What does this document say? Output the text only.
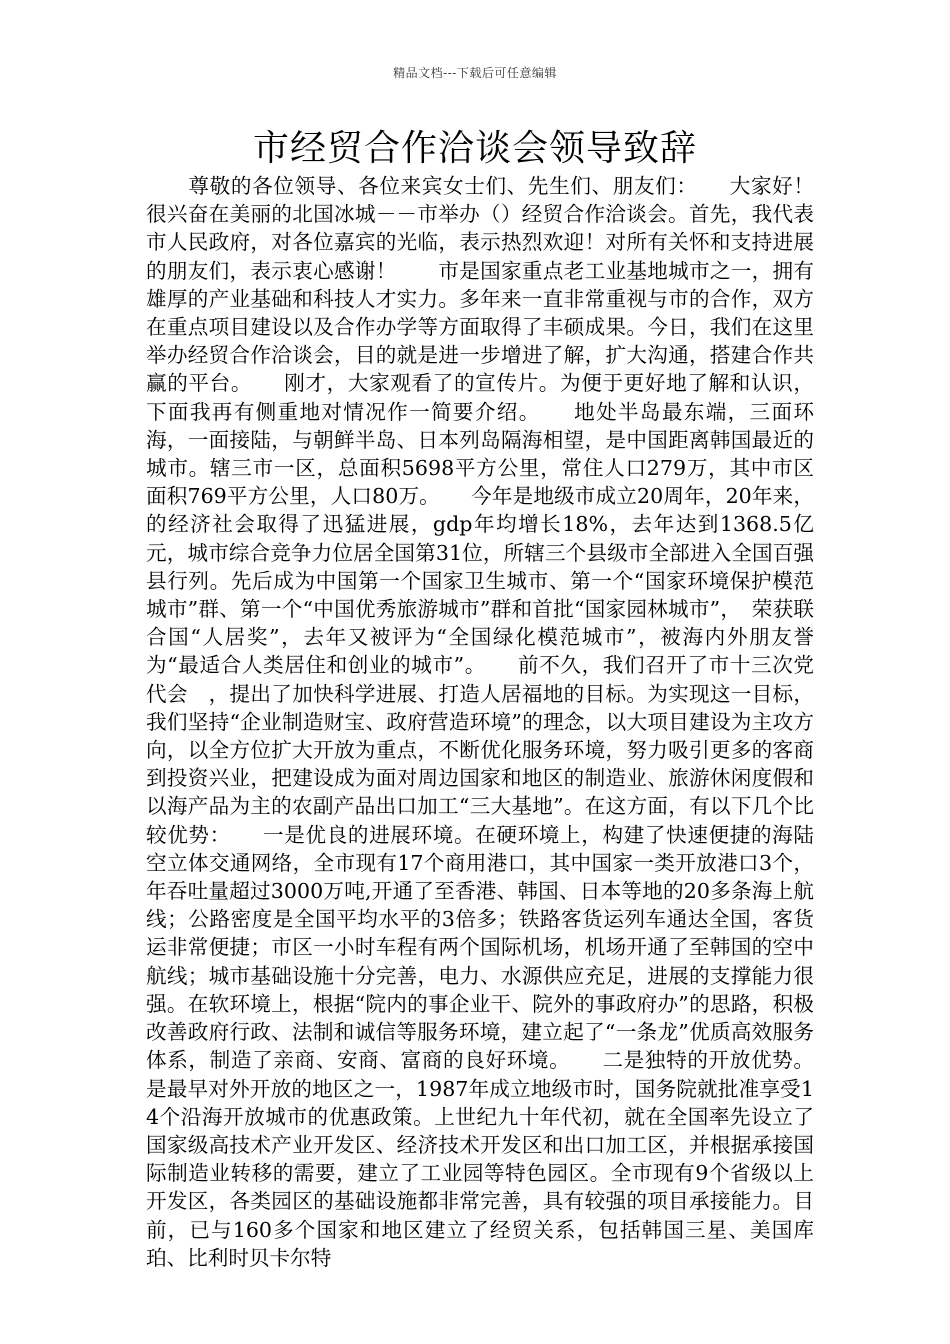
精品文档---下载后可任意编辑
市经贸合作洽谈会领导致辞

　　尊敬的各位领导、各位来宾女士们、先生们、朋友们：　　大家好！很兴奋在美丽的北国冰城－－市举办（）经贸合作洽谈会。首先，我代表市人民政府，对各位嘉宾的光临，表示热烈欢迎！对所有关怀和支持进展的朋友们，表示衷心感谢！　　市是国家重点老工业基地城市之一，拥有雄厚的产业基础和科技人才实力。多年来一直非常重视与市的合作，双方在重点项目建设以及合作办学等方面取得了丰硕成果。今日，我们在这里举办经贸合作洽谈会，目的就是进一步增进了解，扩大沟通，搭建合作共赢的平台。　　刚才，大家观看了的宣传片。为便于更好地了解和认识，下面我再有侧重地对情况作一简要介绍。　　地处半岛最东端，三面环海，一面接陆，与朝鲜半岛、日本列岛隔海相望，是中国距离韩国最近的城市。辖三市一区，总面积5698平方公里，常住人口279万，其中市区面积769平方公里，人口80万。　　今年是地级市成立20周年，20年来，的经济社会取得了迅猛进展，gdp年均增长18%，去年达到1368.5亿元，城市综合竞争力位居全国第31位，所辖三个县级市全部进入全国百强县行列。先后成为中国第一个国家卫生城市、第一个“国家环境保护模范城市”群、第一个“中国优秀旅游城市”群和首批“国家园林城市”，　荣获联合国“人居奖”，去年又被评为“全国绿化模范城市”，被海内外朋友誉为“最适合人类居住和创业的城市”。　　前不久，我们召开了市十三次党代会　，提出了加快科学进展、打造人居福地的目标。为实现这一目标，我们坚持“企业制造财宝、政府营造环境”的理念，以大项目建设为主攻方向，以全方位扩大开放为重点，不断优化服务环境，努力吸引更多的客商到投资兴业，把建设成为面对周边国家和地区的制造业、旅游休闲度假和以海产品为主的农副产品出口加工“三大基地”。在这方面，有以下几个比较优势：　　一是优良的进展环境。在硬环境上，构建了快速便捷的海陆空立体交通网络，全市现有17个商用港口，其中国家一类开放港口3个，年吞吐量超过3000万吨,开通了至香港、韩国、日本等地的20多条海上航线；公路密度是全国平均水平的3倍多；铁路客货运列车通达全国，客货运非常便捷；市区一小时车程有两个国际机场，机场开通了至韩国的空中航线；城市基础设施十分完善，电力、水源供应充足，进展的支撑能力很强。在软环境上，根据“院内的事企业干、院外的事政府办”的思路，积极改善政府行政、法制和诚信等服务环境，建立起了“一条龙”优质高效服务体系，制造了亲商、安商、富商的良好环境。　　二是独特的开放优势。是最早对外开放的地区之一，1987年成立地级市时，国务院就批准享受14个沿海开放城市的优惠政策。上世纪九十年代初，就在全国率先设立了国家级高技术产业开发区、经济技术开发区和出口加工区，并根据承接国际制造业转移的需要，建立了工业园等特色园区。全市现有9个省级以上开发区，各类园区的基础设施都非常完善，具有较强的项目承接能力。目前，已与160多个国家和地区建立了经贸关系，包括韩国三星、美国库珀、比利时贝卡尔特
